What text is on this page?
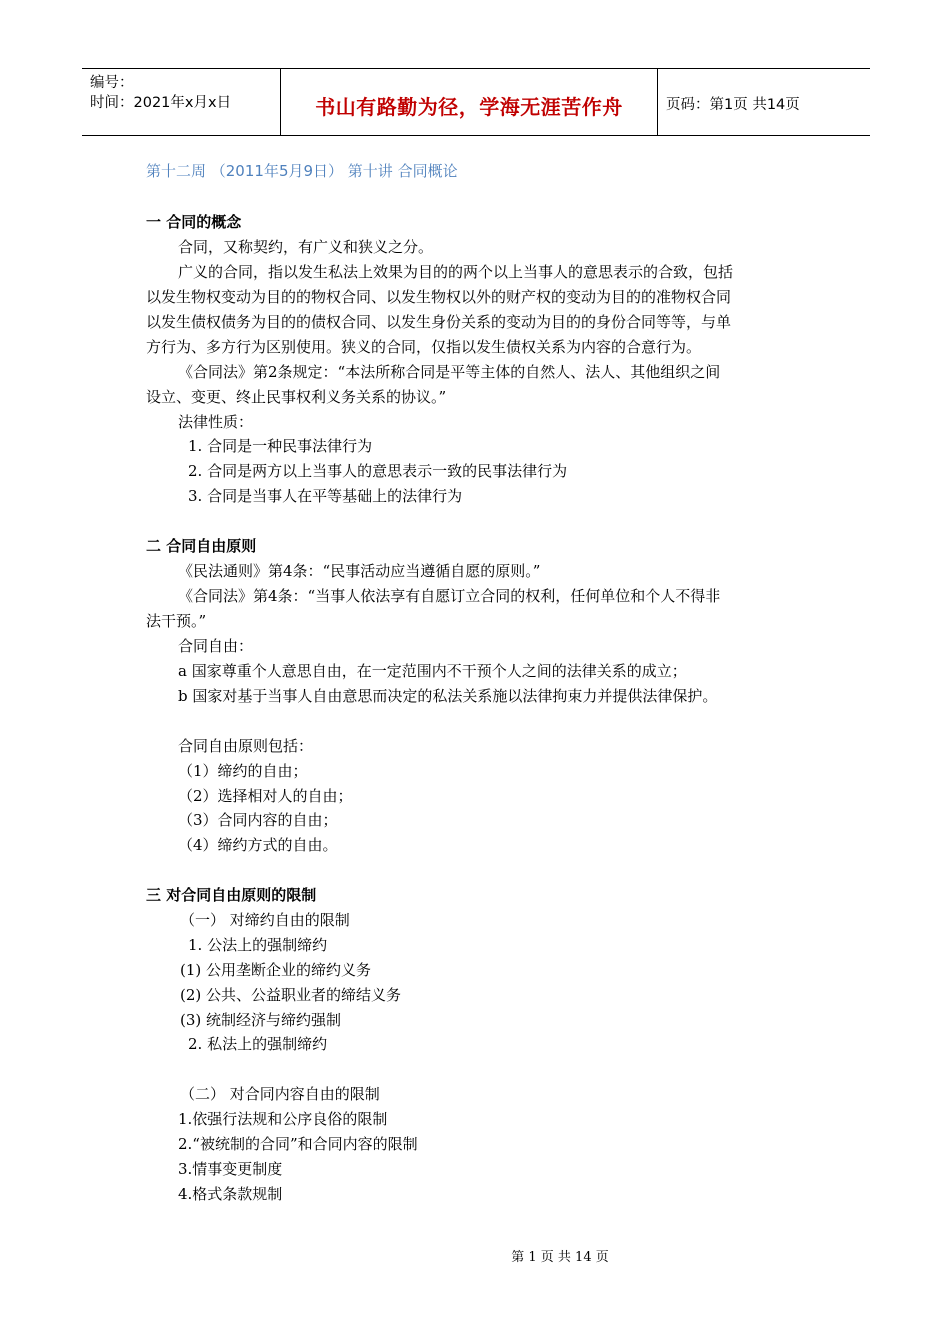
编号：
时间：2021年x月x日	书山有路勤为径，学海无涯苦作舟	页码：第1页 共14页
第十二周 （2011年5月9日） 第十讲 合同概论
一 合同的概念
合同，又称契约，有广义和狭义之分。
广义的合同，指以发生私法上效果为目的的两个以上当事人的意思表示的合致，包括
以发生物权变动为目的的物权合同、以发生物权以外的财产权的变动为目的的准物权合同
以发生债权债务为目的的债权合同、以发生身份关系的变动为目的的身份合同等等，与单
方行为、多方行为区别使用。狭义的合同，仅指以发生债权关系为内容的合意行为。
《合同法》第2条规定：“本法所称合同是平等主体的自然人、法人、其他组织之间
设立、变更、终止民事权利义务关系的协议。”
法律性质：
1. 合同是一种民事法律行为
2. 合同是两方以上当事人的意思表示一致的民事法律行为
3. 合同是当事人在平等基础上的法律行为
二 合同自由原则
《民法通则》第4条：“民事活动应当遵循自愿的原则。”
《合同法》第4条：“当事人依法享有自愿订立合同的权利，任何单位和个人不得非
法干预。”
合同自由：
a 国家尊重个人意思自由，在一定范围内不干预个人之间的法律关系的成立；
b 国家对基于当事人自由意思而决定的私法关系施以法律拘束力并提供法律保护。
合同自由原则包括：
（1）缔约的自由；
（2）选择相对人的自由；
（3）合同内容的自由；
（4）缔约方式的自由。
三 对合同自由原则的限制
（一） 对缔约自由的限制
1. 公法上的强制缔约
(1) 公用垄断企业的缔约义务
(2) 公共、公益职业者的缔结义务
(3) 统制经济与缔约强制
2. 私法上的强制缔约
（二） 对合同内容自由的限制
1.依强行法规和公序良俗的限制
2.“被统制的合同”和合同内容的限制
3.情事变更制度
4.格式条款规制
第 1 页 共 14 页
